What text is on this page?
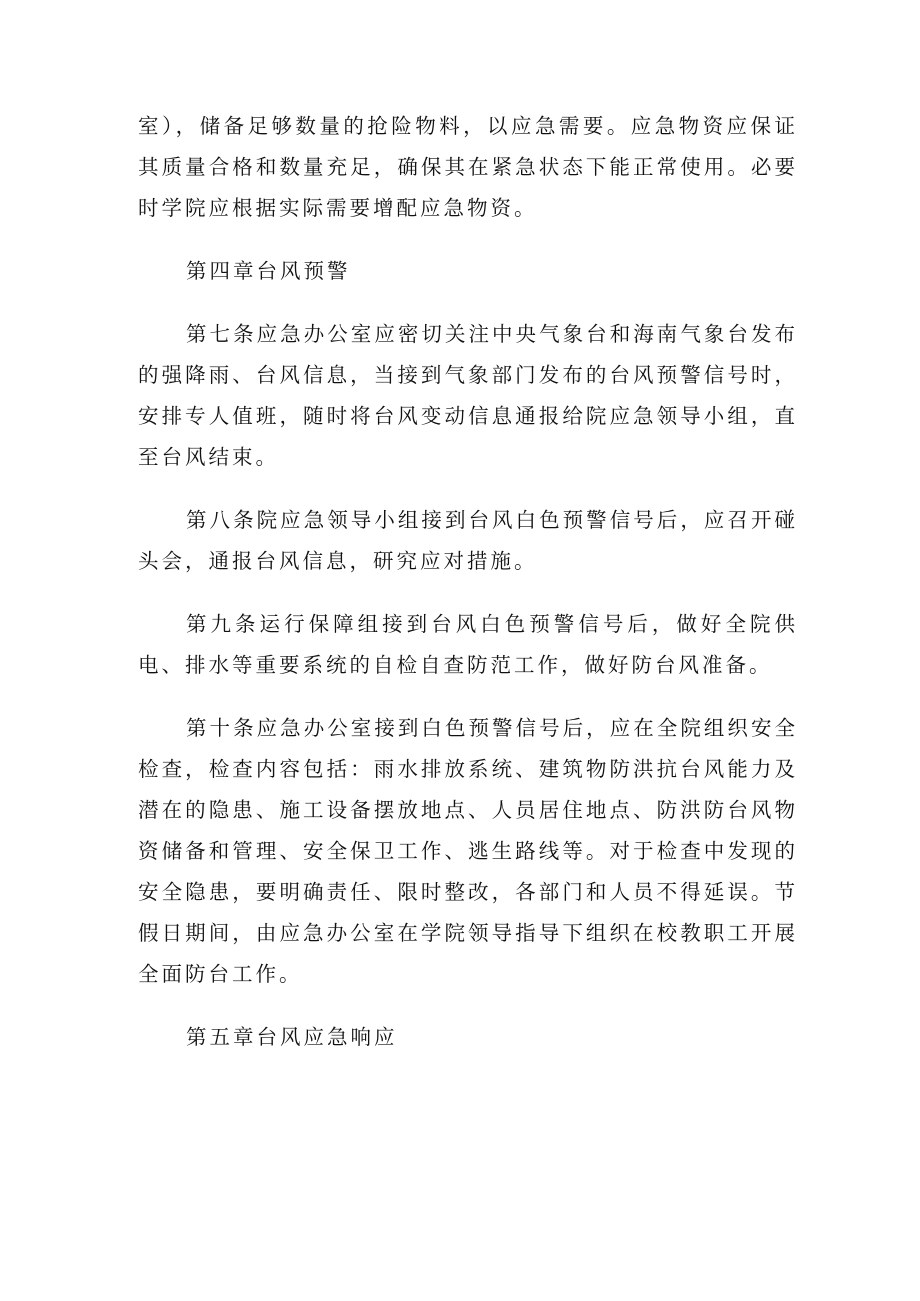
室），储备足够数量的抢险物料，以应急需要。应急物资应保证其质量合格和数量充足，确保其在紧急状态下能正常使用。必要时学院应根据实际需要增配应急物资。

第四章台风预警

第七条应急办公室应密切关注中央气象台和海南气象台发布的强降雨、台风信息，当接到气象部门发布的台风预警信号时，安排专人值班，随时将台风变动信息通报给院应急领导小组，直至台风结束。

第八条院应急领导小组接到台风白色预警信号后，应召开碰头会，通报台风信息，研究应对措施。

第九条运行保障组接到台风白色预警信号后，做好全院供电、排水等重要系统的自检自查防范工作，做好防台风准备。

第十条应急办公室接到白色预警信号后，应在全院组织安全检查，检查内容包括：雨水排放系统、建筑物防洪抗台风能力及潜在的隐患、施工设备摆放地点、人员居住地点、防洪防台风物资储备和管理、安全保卫工作、逃生路线等。对于检查中发现的安全隐患，要明确责任、限时整改，各部门和人员不得延误。节假日期间，由应急办公室在学院领导指导下组织在校教职工开展全面防台工作。

第五章台风应急响应
